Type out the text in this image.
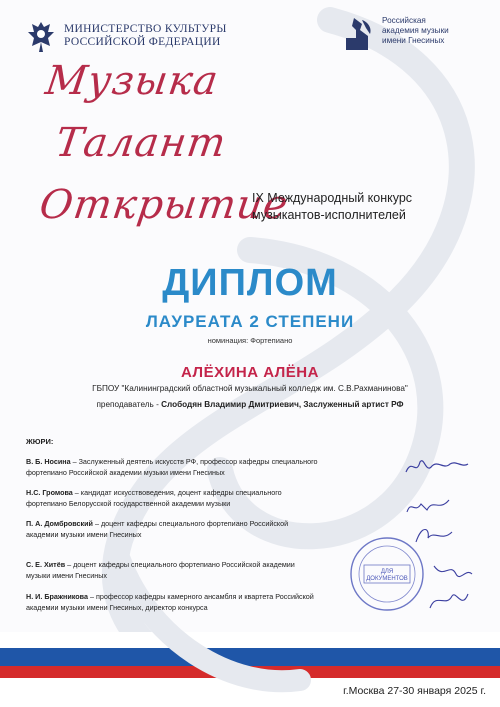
МИНИСТЕРСТВО КУЛЬТУРЫ
РОССИЙСКОЙ ФЕДЕРАЦИИ
Российская
академия музыки
имени Гнесиных
Музыка
Талант
Открытие
IX Международный конкурс
музыкантов-исполнителей
ДИПЛОМ
ЛАУРЕАТА 2 СТЕПЕНИ
номинация: Фортепиано
АЛЁХИНА АЛЁНА
ГБПОУ "Калининградский областной музыкальный колледж им. С.В.Рахманинова"
преподаватель - Слободян Владимир Дмитриевич, Заслуженный артист РФ
ЖЮРИ:
В. Б. Носина – Заслуженный деятель искусств РФ, профессор кафедры специального
фортепиано Российской академии музыки имени Гнесиных
Н.С. Громова – кандидат искусствоведения, доцент кафедры специального
фортепиано Белорусской государственной академии музыки
П. А. Домбровский – доцент кафедры специального фортепиано Российской
академии музыки имени Гнесиных
С. Е. Хитёв – доцент кафедры специального фортепиано Российской академии
музыки имени Гнесиных
Н. И. Бражникова – профессор кафедры камерного ансамбля и квартета Российской
академии музыки имени Гнесиных, директор конкурса
ДЛЯ
ДОКУМЕНТОВ
г.Москва 27-30 января 2025 г.
